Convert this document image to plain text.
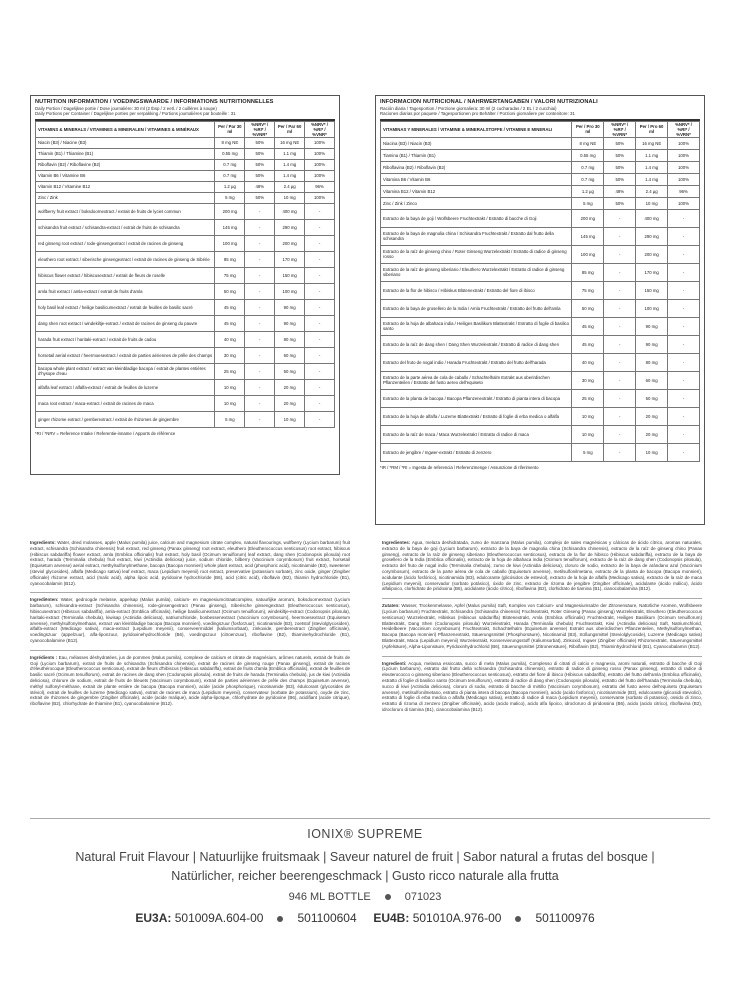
NUTRITION INFORMATION / VOEDINGSWAARDE / INFORMATIONS NUTRITIONNELLES
Daily Portion / Dagelijkse portie / Dose journalière: 30 ml (2 tbsp / 2 eetl. / 2 cuillères à soupe)
Daily Portions per Container / Dagelijkse porties per verpakking / Portions journalières par bouteille : 31
VITAMINS & MINERALS / VITAMINES & MINERALEN / VITAMINES & MINÉRAUX	Per / Par 30 ml	%NRV* / %RI* / %VNR*	Per / Par 60 ml	%NRV* / %RI* / %VNR*
Niacin (B3) / Niacine (B3)	8 mg NE	50%	16 mg NE	100%
Thiamin (B1) / Thiamine (B1)	0.55 mg	50%	1.1 mg	100%
Riboflavin (B2) / Riboflavine (B2)	0.7 mg	50%	1.4 mg	100%
Vitamin B6 / Vitamine B6	0.7 mg	50%	1.4 mg	100%
Vitamin B12 / Vitamine B12	1.2 µg	48%	2.4 µg	96%
Zinc / Zink	5 mg	50%	10 mg	100%
wolfberry fruit extract / boksdoornextract / extrait de fruits de lyciet commun	200 mg	-	400 mg	-
schisandra fruit extract / schisandra-extract / extrait de fruits de schisandra	145 mg	-	290 mg	-
red ginseng root extract / rode-ginsengextract / extrait de racines de ginseng	100 mg	-	200 mg	-
eleuthero root extract / siberische ginsengextract / extrait de racines de ginseng de Sibérie	85 mg	-	170 mg	-
hibiscus flower extract / hibiscusextract / extrait de fleurs de roselle	75 mg	-	150 mg	-
amla fruit extract / amla-extract / extrait de fruits d'amla	50 mg	-	100 mg	-
holy basil leaf extract / heilige basilicumextract / extrait de feuilles de basilic sacré	45 mg	-	90 mg	-
dang shen root extract / windekiltje-extract / extrait de racines de ginseng du pauvre	45 mg	-	90 mg	-
harada fruit extract / haritaki-extract / extrait de fruits de cadou	40 mg	-	80 mg	-
horsetail aerial extract / heermoesextract / extrait de parties aériennes de prêle des champs	30 mg	-	60 mg	-
bacopa whole plant extract / extract van kleinbladige bacopa / extrait de plantes entières d'hysope d'eau	25 mg	-	50 mg	-
alfalfa leaf extract / alfalfa-extract / extrait de feuilles de luzerne	10 mg	-	20 mg	-
maca root extract / maca-extract / extrait de racines de maca	10 mg	-	20 mg	-
ginger rhizome extract / gemberextract / extrait de rhizomes de gingembre	5 mg	-	10 mg	-
*RI / *NRV = Reference Intake / Referentie-inname / Apports de référence
INFORMACIÓN NUTRICIONAL / NÄHRWERTANGABEN / VALORI NUTRIZIONALI
Ración diaria / Tagesportion / Porzione giornaliera: 30 ml (2 cucharadas / 2 EL / 2 cucchiai)
Raciones diarias por paquete / Tagesportionen pro Behälter / Porzioni giornaliere per contenitore: 31
VITAMINAS Y MINERALES / VITAMINE & MINERALSTOFFE / VITAMINE E MINERALI	Per / Pro 30 ml	%NRV* / %RI* / %VRN*	Per / Pro 60 ml	%NRV* / %RI* / %VRN*
Niacina (B3) / Niacin (B3)	8 mg NE	50%	16 mg NE	100%
Tiamina (B1) / Thiamin (B1)	0.55 mg	50%	1.1 mg	100%
Riboflavina (B2) / Riboflavin (B2)	0.7 mg	50%	1.4 mg	100%
Vitamina B6 / Vitamin B6	0.7 mg	50%	1.4 mg	100%
Vitamina B12 / Vitamin B12	1.2 µg	48%	2.4 µg	96%
Zinc / Zink / Zinco	5 mg	50%	10 mg	100%
Extracto de la baya de goji / Wolfsbeere Fruchtextrakt / Estratto di bacche di Goji	200 mg	-	400 mg	-
Extracto de la baya de magnolia china / Schisandra Fruchtextrakt / Estratto dal frutto della schisandra	145 mg	-	290 mg	-
Extracto de la raíz de ginseng chino / Roter Ginseng Wurzelextrakt / Estratto di radice di ginseng rosso	100 mg	-	200 mg	-
Extracto de la raíz de ginseng siberiano / Eleuthero Wurzelextrakt / Estratto di radice di ginseng siberiano	85 mg	-	170 mg	-
Extracto de la flor de hibisco / Hibiskus Blütenextrakt / Estratto del fiore di ibisco	75 mg	-	150 mg	-
Extracto de la baya de grosellero de la India / Amla Fruchtextrakt / Estratto del frutto dell'amla	50 mg	-	100 mg	-
Extracto de la hoja de albahaca india / Heiliges Basilikum Blattextrakt / Estratto di foglie di basilico santo	45 mg	-	90 mg	-
Extracto de la raíz de dang shen / Dang Shen Wurzelextrakt / Estratto di radice di dang shen	45 mg	-	90 mg	-
Extracto del fruto de nogal indio / Harada Fruchtextrakt / Estratto del frutto dell'harada	40 mg	-	80 mg	-
Extracto de la parte aérea de cola de caballo / Schachtelhalm Extrakt aus oberirdischen Pflanzenteilen / Estratto del fusto aereo dell'equiseto	30 mg	-	60 mg	-
Extracto de la planta de bacopa / Bacopa Pflanzenextrakt / Estratto di pianta intera di bacopa	25 mg	-	50 mg	-
Extracto de la hoja de alfalfa / Luzerne Blattextrakt / Estratto di foglie di erba medica o alfalfa	10 mg	-	20 mg	-
Extracto de la raíz de maca / Maca Wurzelextrakt / Estratto di radice di maca	10 mg	-	20 mg	-
Extracto de jengibre / Ingwer-extrakt / Estratto di zenzero	5 mg	-	10 mg	-
*IR / *RM / *RI = Ingesta de referencia / Referenzmenge / Assunzione di riferimento

Ingredients: Water, dried molasses, apple (Malus pumila) juice, calcium and magnesium citrate complex, natural flavourings, wolfberry (Lycium barbarum) fruit extract, schisandra (Schisandra chinensis) fruit extract, red ginseng (Panax ginseng) root extract, eleuthero (Eleutherococcus senticosus) root extract, hibiscus (Hibiscus sabdariffa) flower extract, amla (Emblica officinalis) fruit extract, holy basil (Ocimum tenuiflorum) leaf extract, dang shen (Codonopsis pilosula) root extract, harada (Terminalia chebula) fruit extract, kiwi (Actinidia deliciosa) juice, sodium chloride, bilberry (Vaccinium corymbosum) fruit extract, horsetail (Equisetum arvense) aerial extract, methylsulfonylmethane, bacopa (Bacopa monnieri) whole plant extract, acid (phosphoric acid), nicotinamide (B3), sweetener (steviol glycosides), alfalfa (Medicago sativa) leaf extract, maca (Lepidium meyenii) root extract, preservative (potassium sorbate), zinc oxide, ginger (Zingiber officinale) rhizome extract, acid (malic acid), alpha lipoic acid, pyridoxine hydrochloride (B6), acid (citric acid), riboflavin (B2), thiamin hydrochloride (B1), cyanocobalamin (B12).

Ingrediënten: Water, gedroogde melasse, appelsap (Malus pumila), calcium- en magnesiumcitraatcomplex, natuurlijke aroma's, boksdoornextract (Lycium barbarum), schisandra-extract (Schisandra chinensis), rode-ginsengextract (Panax ginseng), Siberische ginsengextract (Eleutherococcus senticosus), hibiscusextract (Hibiscus sabdariffa), amla-extract (Emblica officinalis), heilige basilicumextract (Ocimum tenuiflorum), windekiltje-extract (Codonopsis pilosula), haritaki-extract (Terminalia chebula), kiwisap (Actinidia deliciosa), natriumchloride, bosbessenextract (Vaccinium corymbosum), heermoesextract (Equisetum arvense), methylsulfonylmethaan, extract van kleinbladige bacopa (Bacopa monnieri), voedingszuur (fosforzuur), nicotinamide (B3), zoetstof (steviolglycosiden), alfalfa-extract (Medicago sativa), maca-extract (Lepidium meyenii), conserveermiddel (kaliumsorbaat), zinkoxide, gemberextract (Zingiber officinale), voedingszuur (appelzuur), alfa-liponzuur, pyridoxinehydrochloride (B6), voedingszuur (citroenzuur), riboflavine (B2), thiaminehydrochloride (B1), cyanocobalamine (B12).

Ingrédients : Eau, mélasses déshydratées, jus de pommes (Malus pumila), complexe de calcium et citrate de magnésium, arômes naturels, extrait de fruits de Goji (Lycium barbarum), extrait de fruits de schisandra (Schisandra chinensis), extrait de racines de ginseng rouge (Panax ginseng), extrait de racines d'éleuthérocoque (Eleutherococcus senticosus), extrait de fleurs d'hibiscus (Hibiscus sabdariffa), extrait de fruits d'amla (Emblica officinalis), extrait de feuilles de basilic sacré (Ocimum tenuiflorum), extrait de racines de dang shen (Codonopsis pilosula), extrait de fruits de harada (Terminalia chebula), jus de kiwi (Actinidia deliciosa), chlorure de sodium, extrait de fruits de bleuets (Vaccinium corymbosum), extrait de parties aériennes de prêle des champs (Equisetum arvense), méthyl sulfonyl-méthane, extrait de plante entière de bacopa (Bacopa monnieri), acide (acide phosphorique), nicotinamide (B3), édulcorant (glycosides de stéviol), extrait de feuilles de luzerne (Medicago sativa), extrait de racines de maca (Lepidium meyenii), conservateur (sorbate de potassium), oxyde de zinc, extrait de rhizomes de gingembre (Zingiber officinale), acide (acide malique), acide alpha-lipoïque, chlorhydrate de pyridoxine (B6), acidifiant (acide citrique), riboflavine (B2), chlorhydrate de thiamine (B1), cyanocobalamine (B12).

Ingredientes: Agua, melaza deshidratada, zumo de manzana (Malus pumila), complejo de sales magnésicas y cálcicas de ácido cítrico, aromas naturales, extracto de la baya de goji (Lycium barbarum), extracto de la baya de magnolia china (Schisandra chinensis), extracto de la raíz de ginseng chino (Panax ginseng), extracto de la raíz de ginseng siberiano (Eleutherococcus senticosus), extracto de la flor de hibisco (Hibiscus sabdariffa), extracto de la baya de grosellero de la India (Emblica officinalis), extracto de la hoja de albahaca india (Ocimum tenuiflorum), extracto de la raíz de dang shen (Codonopsis pilosula), extracto del fruto de nogal indio (Terminalia chebula), zumo de kiwi (Actinidia deliciosa), cloruro de sodio, extracto de la baya de arándano azul (Vaccinium corymbosum), extracto de la parte aérea de cola de caballo (Equisetum arvense), metilsulfonilmetano, extracto de la planta de bacopa (Bacopa monnieri), acidulante (ácido fosfórico), nicotinamida (B3), edulcorante (glicósidos de esteviol), extracto de la hoja de alfalfa (Medicago sativa), extracto de la raíz de maca (Lepidium meyenii), conservador (sorbato potásico), óxido de zinc, extracto de rizoma de jengibre (Zingiber officinale), acidulante (ácido málico), ácido alfalipoico, clorhidrato de piridoxina (B6), acidulante (ácido cítrico), riboflavina (B2), clorhidrato de tiamina (B1), cianocobalamina (B12).

Zutaten: Wasser, Trockenmelasse, Apfel (Malus pumila) Saft, Komplex von Calcium- und Magnesiumsalze der Zitronensäure, Natürliche Aromen, Wolfsbeere (Lycium barbarum) Fruchtextrakt, Schisandra (Schisandra chinensis) Fruchtextrakt, Roter Ginseng (Panax ginseng) Wurzelextrakt, Eleuthero (Eleutherococcus senticosus) Wurzelextrakt, Hibiskus (Hibiscus sabdariffa) Blütenextrakt, Amla (Emblica officinalis) Fruchtextrakt, Heiliges Basilikum (Ocimum tenuiflorum) Blattextrakt, Dang Shen (Codonopsis pilosula) Wurzelextrakt, Harada (Terminalia chebula) Fruchtextrakt, Kiwi (Actinidia deliciosa) Saft, Natriumchlorid, Heidelbeere (Vaccinium corymbosum) Fruchtextrakt, Schachtelhalm (Equisetum arvense) Extrakt aus oberirdischen Pflanzenteilen, Methylsulfonylmethan, Bacopa (Bacopa monnieri) Pflanzenextrakt, Säuerungsmittel (Phosphorsäure), Nicotinamid (B3), Süßungsmittel (Steviolglycoside), Luzerne (Medicago sativa) Blattextrakt, Maca (Lepidium meyenii) Wurzelextrakt, Konservierungsstoff (Kaliumsorbat), Zinkoxid, Ingwer (Zingiber officinale) Rhizomextrakt, Säuerungsmittel (Apfelsäure), Alpha-Liponsäure, Pyridoxinhydrochlorid (B6), Säuerungsmittel (Zitronensäure), Riboflavin (B2), Thiaminhydrochlorid (B1), Cyanocobalamin (B12).

Ingredienti: Acqua, melassa essiccata, succo di mela (Malus pumila), Complesso di citrati di calcio e magnesio, aromi naturali, estratto di bacche di Goji (Lycium barbarum), estratto dal frutto della schisandra (Schisandra chinensis), estratto di radice di ginseng rosso (Panax ginseng), estratto di radice di eleuterococco o ginseng siberiano (Eleutherococcus senticosus), estratto del fiore di ibisco (Hibiscus sabdariffa), estratto del frutto dell'amla (Emblica officinalis), estratto di foglie di basilico santo (Ocimum tenuiflorum), estratto di radice di dang shen (Codonopsis pilosula), estratto del frutto dell'harada (Terminalia chebula), succo di kiwi (Actinidia deliciosa), cloruro di sodio, estratto di bacche di mirtillo (Vaccinium corymbosum), estratto del fusto aereo dell'equiseto (Equisetum arvense), metilsulfonilmetano, estratto di pianta intera di bacopa (Bacopa monnieri), acido (acido fosforico), nicotinammide (B3), edulcorante (glicosidi steviolici), estratto di foglie di erba medica o alfalfa (Medicago sativa), estratto di radice di maca (Lepidium meyenii), conservante (sorbato di potassio), ossido di zinco, estratto di rizoma di zenzero (Zingiber officinale), acido (acido malico), acido alfa lipoico, idrocloruro di piridossina (B6), acido (acido citrico), riboflavina (B2), idrocloruro di tiamina (B1), cianocobalamina (B12).

IONIX® SUPREME
Natural Fruit Flavour | Natuurlijke fruitsmaak | Saveur naturel de fruit | Sabor natural a frutas del bosque |
Natürlicher, reicher beerengeschmack | Gusto ricco naturale alla frutta
946 ML BOTTLE	071023
EU3A: 501009A.604-00	501100604 EU4B: 501010A.976-00	501100976
